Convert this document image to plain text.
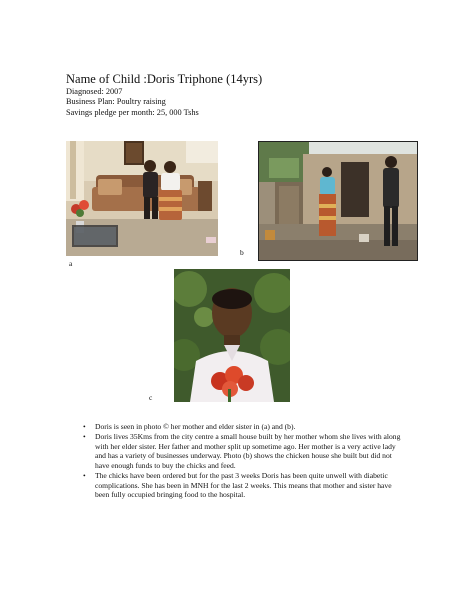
Name of Child :Doris Triphone (14yrs)

Diagnosed: 2007

Business Plan: Poultry raising

Savings pledge per month: 25, 000 Tshs

a
b
c
• Doris is seen in photo © her mother and elder sister in (a) and (b).
• Doris lives 35Kms from the city centre a small house built by her mother whom she lives with along with her elder sister. Her father and mother split up sometime ago. Her mother is a very active lady and has a variety of businesses underway. Photo (b) shows the chicken house she built but did not have enough funds to buy the chicks and feed.
• The chicks have been ordered but for the past 3 weeks Doris has been quite unwell with diabetic complications. She has been in MNH for the last 2 weeks. This means that mother and sister have been fully occupied bringing food to the hospital.
